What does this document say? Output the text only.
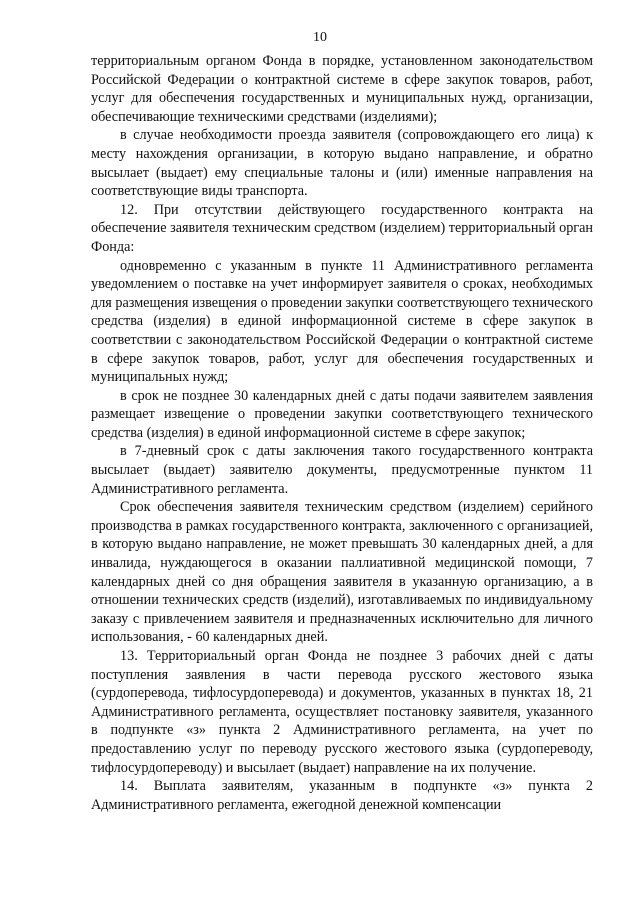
10

территориальным органом Фонда в порядке, установленном законодательством Российской Федерации о контрактной системе в сфере закупок товаров, работ, услуг для обеспечения государственных и муниципальных нужд, организации, обеспечивающие техническими средствами (изделиями);

в случае необходимости проезда заявителя (сопровождающего его лица) к месту нахождения организации, в которую выдано направление, и обратно высылает (выдает) ему специальные талоны и (или) именные направления на соответствующие виды транспорта.

12. При отсутствии действующего государственного контракта на обеспечение заявителя техническим средством (изделием) территориальный орган Фонда:

одновременно с указанным в пункте 11 Административного регламента уведомлением о поставке на учет информирует заявителя о сроках, необходимых для размещения извещения о проведении закупки соответствующего технического средства (изделия) в единой информационной системе в сфере закупок в соответствии с законодательством Российской Федерации о контрактной системе в сфере закупок товаров, работ, услуг для обеспечения государственных и муниципальных нужд;

в срок не позднее 30 календарных дней с даты подачи заявителем заявления размещает извещение о проведении закупки соответствующего технического средства (изделия) в единой информационной системе в сфере закупок;

в 7-дневный срок с даты заключения такого государственного контракта высылает (выдает) заявителю документы, предусмотренные пунктом 11 Административного регламента.

Срок обеспечения заявителя техническим средством (изделием) серийного производства в рамках государственного контракта, заключенного с организацией, в которую выдано направление, не может превышать 30 календарных дней, а для инвалида, нуждающегося в оказании паллиативной медицинской помощи, 7 календарных дней со дня обращения заявителя в указанную организацию, а в отношении технических средств (изделий), изготавливаемых по индивидуальному заказу с привлечением заявителя и предназначенных исключительно для личного использования, - 60 календарных дней.

13. Территориальный орган Фонда не позднее 3 рабочих дней с даты поступления заявления в части перевода русского жестового языка (сурдоперевода, тифлосурдоперевода) и документов, указанных в пунктах 18, 21 Административного регламента, осуществляет постановку заявителя, указанного в подпункте «з» пункта 2 Административного регламента, на учет по предоставлению услуг по переводу русского жестового языка (сурдопереводу, тифлосурдопереводу) и высылает (выдает) направление на их получение.

14. Выплата заявителям, указанным в подпункте «з» пункта 2 Административного регламента, ежегодной денежной компенсации
